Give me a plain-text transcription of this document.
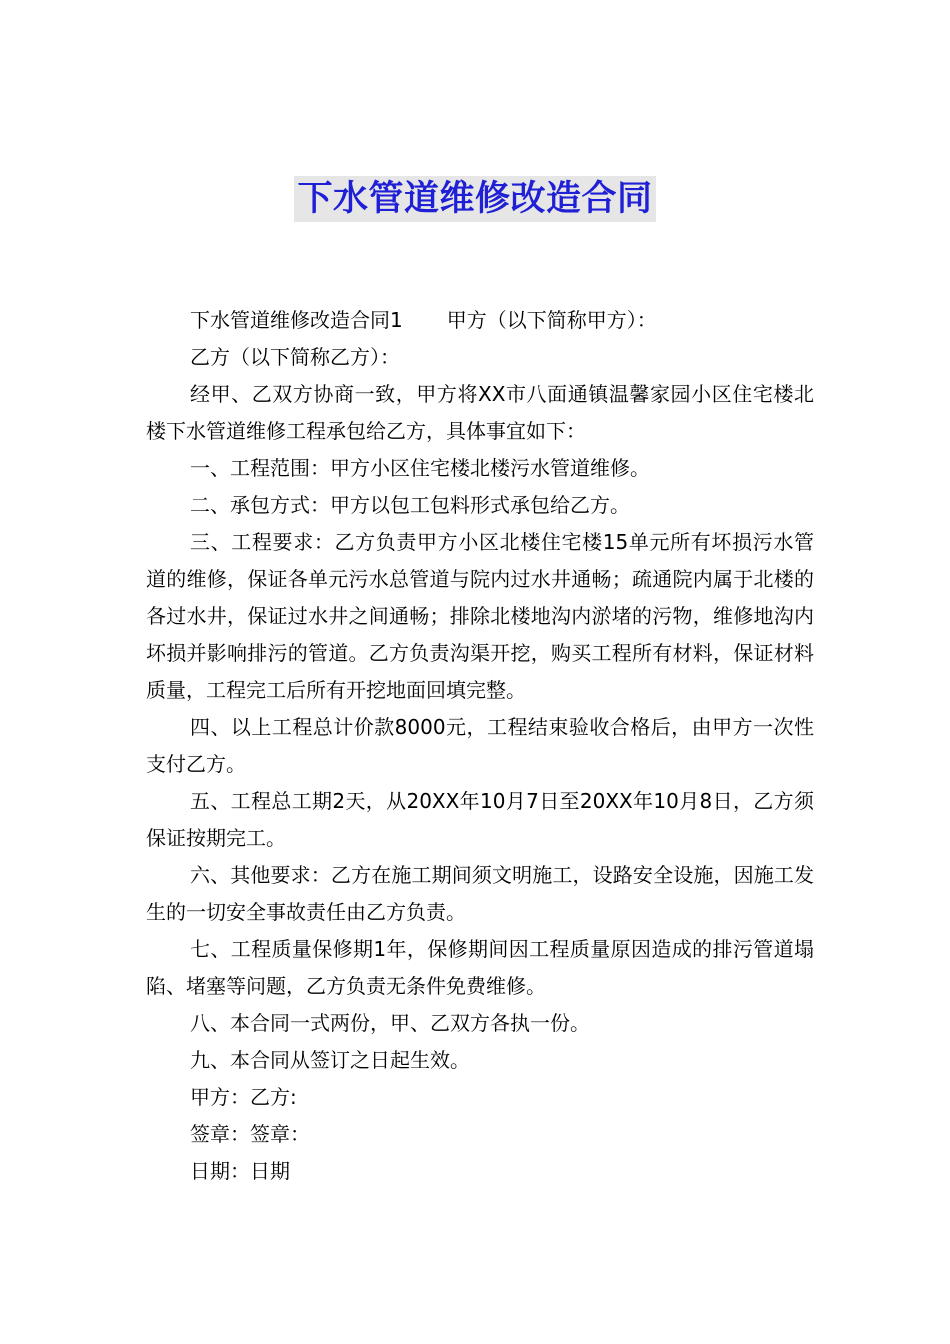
下水管道维修改造合同

下水管道维修改造合同1 甲方（以下简称甲方）：

乙方（以下简称乙方）：

经甲、乙双方协商一致，甲方将XX市八面通镇温馨家园小区住宅楼北楼下水管道维修工程承包给乙方，具体事宜如下：

一、工程范围：甲方小区住宅楼北楼污水管道维修。

二、承包方式：甲方以包工包料形式承包给乙方。

三、工程要求：乙方负责甲方小区北楼住宅楼15单元所有坏损污水管道的维修，保证各单元污水总管道与院内过水井通畅；疏通院内属于北楼的各过水井，保证过水井之间通畅；排除北楼地沟内淤堵的污物，维修地沟内坏损并影响排污的管道。乙方负责沟渠开挖，购买工程所有材料，保证材料质量，工程完工后所有开挖地面回填完整。

四、以上工程总计价款8000元，工程结束验收合格后，由甲方一次性支付乙方。

五、工程总工期2天，从20XX年10月7日至20XX年10月8日，乙方须保证按期完工。

六、其他要求：乙方在施工期间须文明施工，设路安全设施，因施工发生的一切安全事故责任由乙方负责。

七、工程质量保修期1年，保修期间因工程质量原因造成的排污管道塌陷、堵塞等问题，乙方负责无条件免费维修。

八、本合同一式两份，甲、乙双方各执一份。

九、本合同从签订之日起生效。

甲方：乙方:

签章：签章：

日期：日期
